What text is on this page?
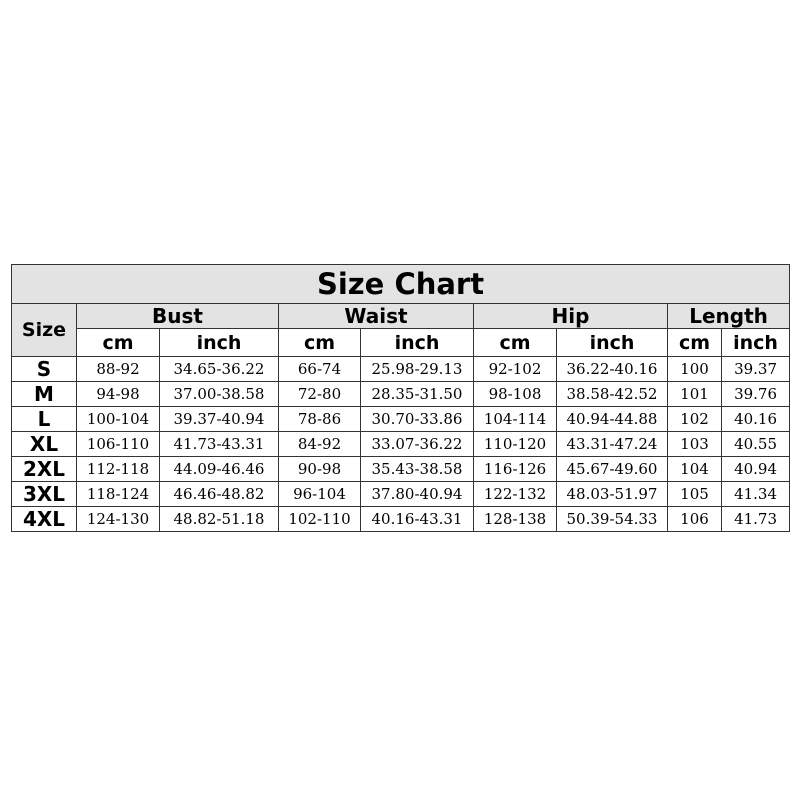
Size Chart								
Size	Bust		Waist		Hip		Length	
	cm	inch	cm	inch	cm	inch	cm	inch
S	88-92	34.65-36.22	66-74	25.98-29.13	92-102	36.22-40.16	100	39.37
M	94-98	37.00-38.58	72-80	28.35-31.50	98-108	38.58-42.52	101	39.76
L	100-104	39.37-40.94	78-86	30.70-33.86	104-114	40.94-44.88	102	40.16
XL	106-110	41.73-43.31	84-92	33.07-36.22	110-120	43.31-47.24	103	40.55
2XL	112-118	44.09-46.46	90-98	35.43-38.58	116-126	45.67-49.60	104	40.94
3XL	118-124	46.46-48.82	96-104	37.80-40.94	122-132	48.03-51.97	105	41.34
4XL	124-130	48.82-51.18	102-110	40.16-43.31	128-138	50.39-54.33	106	41.73
